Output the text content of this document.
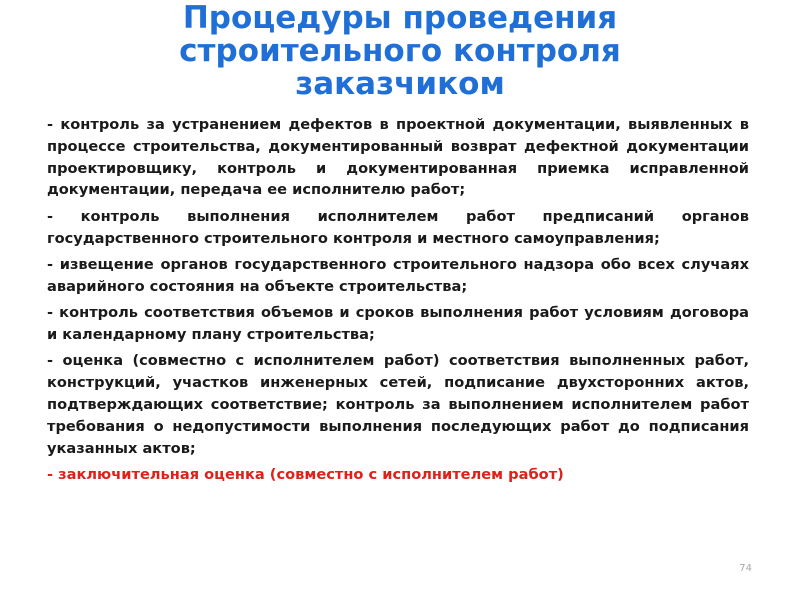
Процедуры проведения
строительного контроля
заказчиком

- контроль за устранением дефектов в проектной документации, выявленных в процессе строительства, документированный возврат дефектной документации проектировщику, контроль и документированная приемка исправленной документации, передача ее исполнителю работ;

- контроль выполнения исполнителем работ предписаний органов государственного строительного контроля и местного самоуправления;

- извещение органов государственного строительного надзора обо всех случаях аварийного состояния на объекте строительства;

- контроль соответствия объемов и сроков выполнения работ условиям договора и календарному плану строительства;

- оценка (совместно с исполнителем работ) соответствия выполненных работ, конструкций, участков инженерных сетей, подписание двухсторонних актов, подтверждающих соответствие; контроль за выполнением исполнителем работ требования о недопустимости выполнения последующих работ до подписания указанных актов;

- заключительная оценка (совместно с исполнителем работ)

74
